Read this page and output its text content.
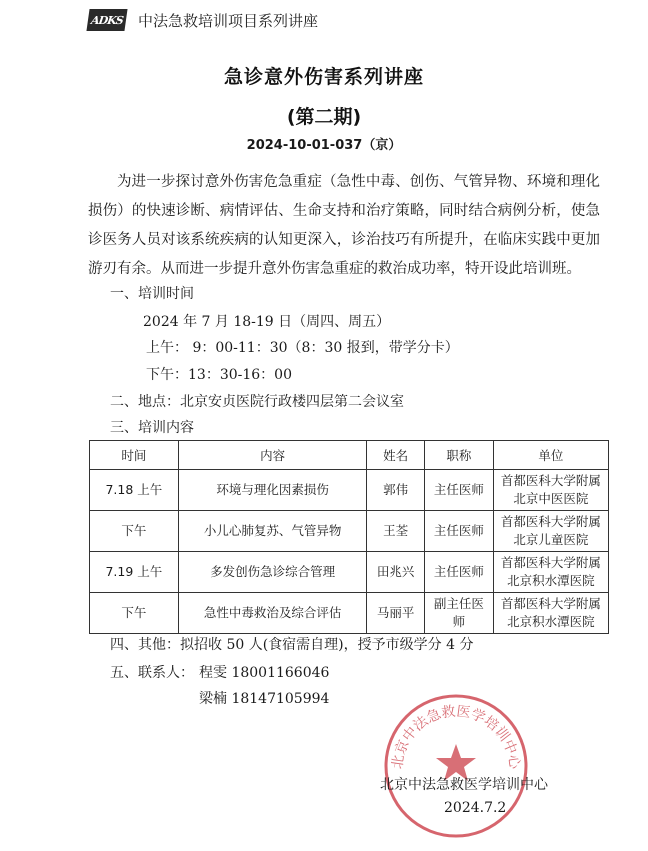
ADKS 中法急救培训项目系列讲座
急诊意外伤害系列讲座
(第二期)
2024-10-01-037（京）
为进一步探讨意外伤害危急重症（急性中毒、创伤、气管异物、环境和理化损伤）的快速诊断、病情评估、生命支持和治疗策略，同时结合病例分析，使急诊医务人员对该系统疾病的认知更深入，诊治技巧有所提升，在临床实践中更加游刃有余。从而进一步提升意外伤害急重症的救治成功率，特开设此培训班。
一、培训时间
2024 年 7 月 18-19 日（周四、周五）
上午： 9：00-11：30（8：30 报到，带学分卡）
下午：13：30-16：00
二、地点：北京安贞医院行政楼四层第二会议室
三、培训内容
时间	内容	姓名	职称	单位
7.18 上午	环境与理化因素损伤	郭伟	主任医师	首都医科大学附属北京中医医院
下午	小儿心肺复苏、气管异物	王荃	主任医师	首都医科大学附属北京儿童医院
7.19 上午	多发创伤急诊综合管理	田兆兴	主任医师	首都医科大学附属北京积水潭医院
下午	急性中毒救治及综合评估	马丽平	副主任医师	首都医科大学附属北京积水潭医院
四、其他：拟招收 50 人(食宿需自理)，授予市级学分 4 分
五、联系人： 程雯 18001166046
梁楠 18147105994
北京中法急救医学培训中心
北京中法急救医学培训中心
2024.7.2
